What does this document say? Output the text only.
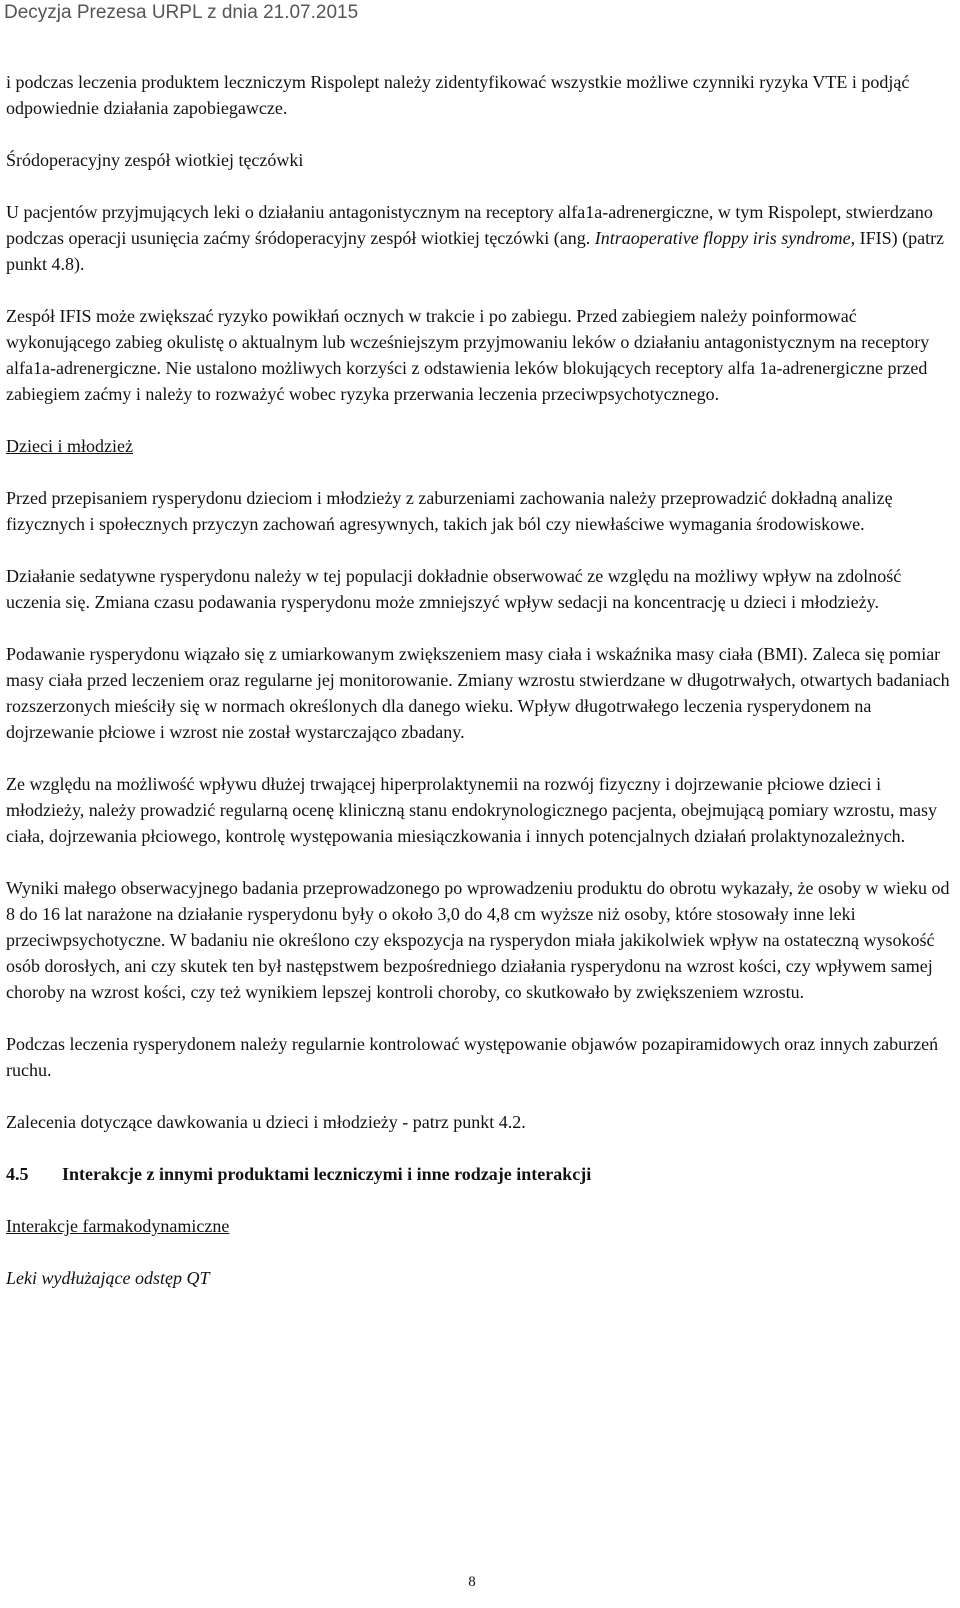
Decyzja Prezesa URPL z dnia 21.07.2015

i podczas leczenia produktem leczniczym Rispolept należy zidentyfikować wszystkie możliwe czynniki ryzyka VTE i podjąć odpowiednie działania zapobiegawcze.

Śródoperacyjny zespół wiotkiej tęczówki

U pacjentów przyjmujących leki o działaniu antagonistycznym na receptory alfa1a-adrenergiczne, w tym Rispolept, stwierdzano podczas operacji usunięcia zaćmy śródoperacyjny zespół wiotkiej tęczówki (ang. Intraoperative floppy iris syndrome, IFIS) (patrz punkt 4.8).

Zespół IFIS może zwiększać ryzyko powikłań ocznych w trakcie i po zabiegu. Przed zabiegiem należy poinformować wykonującego zabieg okulistę o aktualnym lub wcześniejszym przyjmowaniu leków o działaniu antagonistycznym na receptory alfa1a-adrenergiczne. Nie ustalono możliwych korzyści z odstawienia leków blokujących receptory alfa 1a-adrenergiczne przed zabiegiem zaćmy i należy to rozważyć wobec ryzyka przerwania leczenia przeciwpsychotycznego.

Dzieci i młodzież

Przed przepisaniem rysperydonu dzieciom i młodzieży z zaburzeniami zachowania należy przeprowadzić dokładną analizę fizycznych i społecznych przyczyn zachowań agresywnych, takich jak ból czy niewłaściwe wymagania środowiskowe.

Działanie sedatywne rysperydonu należy w tej populacji dokładnie obserwować ze względu na możliwy wpływ na zdolność uczenia się. Zmiana czasu podawania rysperydonu może zmniejszyć wpływ sedacji na koncentrację u dzieci i młodzieży.

Podawanie rysperydonu wiązało się z umiarkowanym zwiększeniem masy ciała i wskaźnika masy ciała (BMI). Zaleca się pomiar masy ciała przed leczeniem oraz regularne jej monitorowanie. Zmiany wzrostu stwierdzane w długotrwałych, otwartych badaniach rozszerzonych mieściły się w normach określonych dla danego wieku. Wpływ długotrwałego leczenia rysperydonem na dojrzewanie płciowe i wzrost nie został wystarczająco zbadany.

Ze względu na możliwość wpływu dłużej trwającej hiperprolaktynemii na rozwój fizyczny i dojrzewanie płciowe dzieci i młodzieży, należy prowadzić regularną ocenę kliniczną stanu endokrynologicznego pacjenta, obejmującą pomiary wzrostu, masy ciała, dojrzewania płciowego, kontrolę występowania miesiączkowania i innych potencjalnych działań prolaktynozależnych.

Wyniki małego obserwacyjnego badania przeprowadzonego po wprowadzeniu produktu do obrotu wykazały, że osoby w wieku od 8 do 16 lat narażone na działanie rysperydonu były o około 3,0 do 4,8 cm wyższe niż osoby, które stosowały inne leki przeciwpsychotyczne. W badaniu nie określono czy ekspozycja na rysperydon miała jakikolwiek wpływ na ostateczną wysokość osób dorosłych, ani czy skutek ten był następstwem bezpośredniego działania rysperydonu na wzrost kości, czy wpływem samej choroby na wzrost kości, czy też wynikiem lepszej kontroli choroby, co skutkowało by zwiększeniem wzrostu.

Podczas leczenia rysperydonem należy regularnie kontrolować występowanie objawów pozapiramidowych oraz innych zaburzeń ruchu.

Zalecenia dotyczące dawkowania u dzieci i młodzieży - patrz punkt 4.2.

4.5 Interakcje z innymi produktami leczniczymi i inne rodzaje interakcji

Interakcje farmakodynamiczne

Leki wydłużające odstęp QT

8
